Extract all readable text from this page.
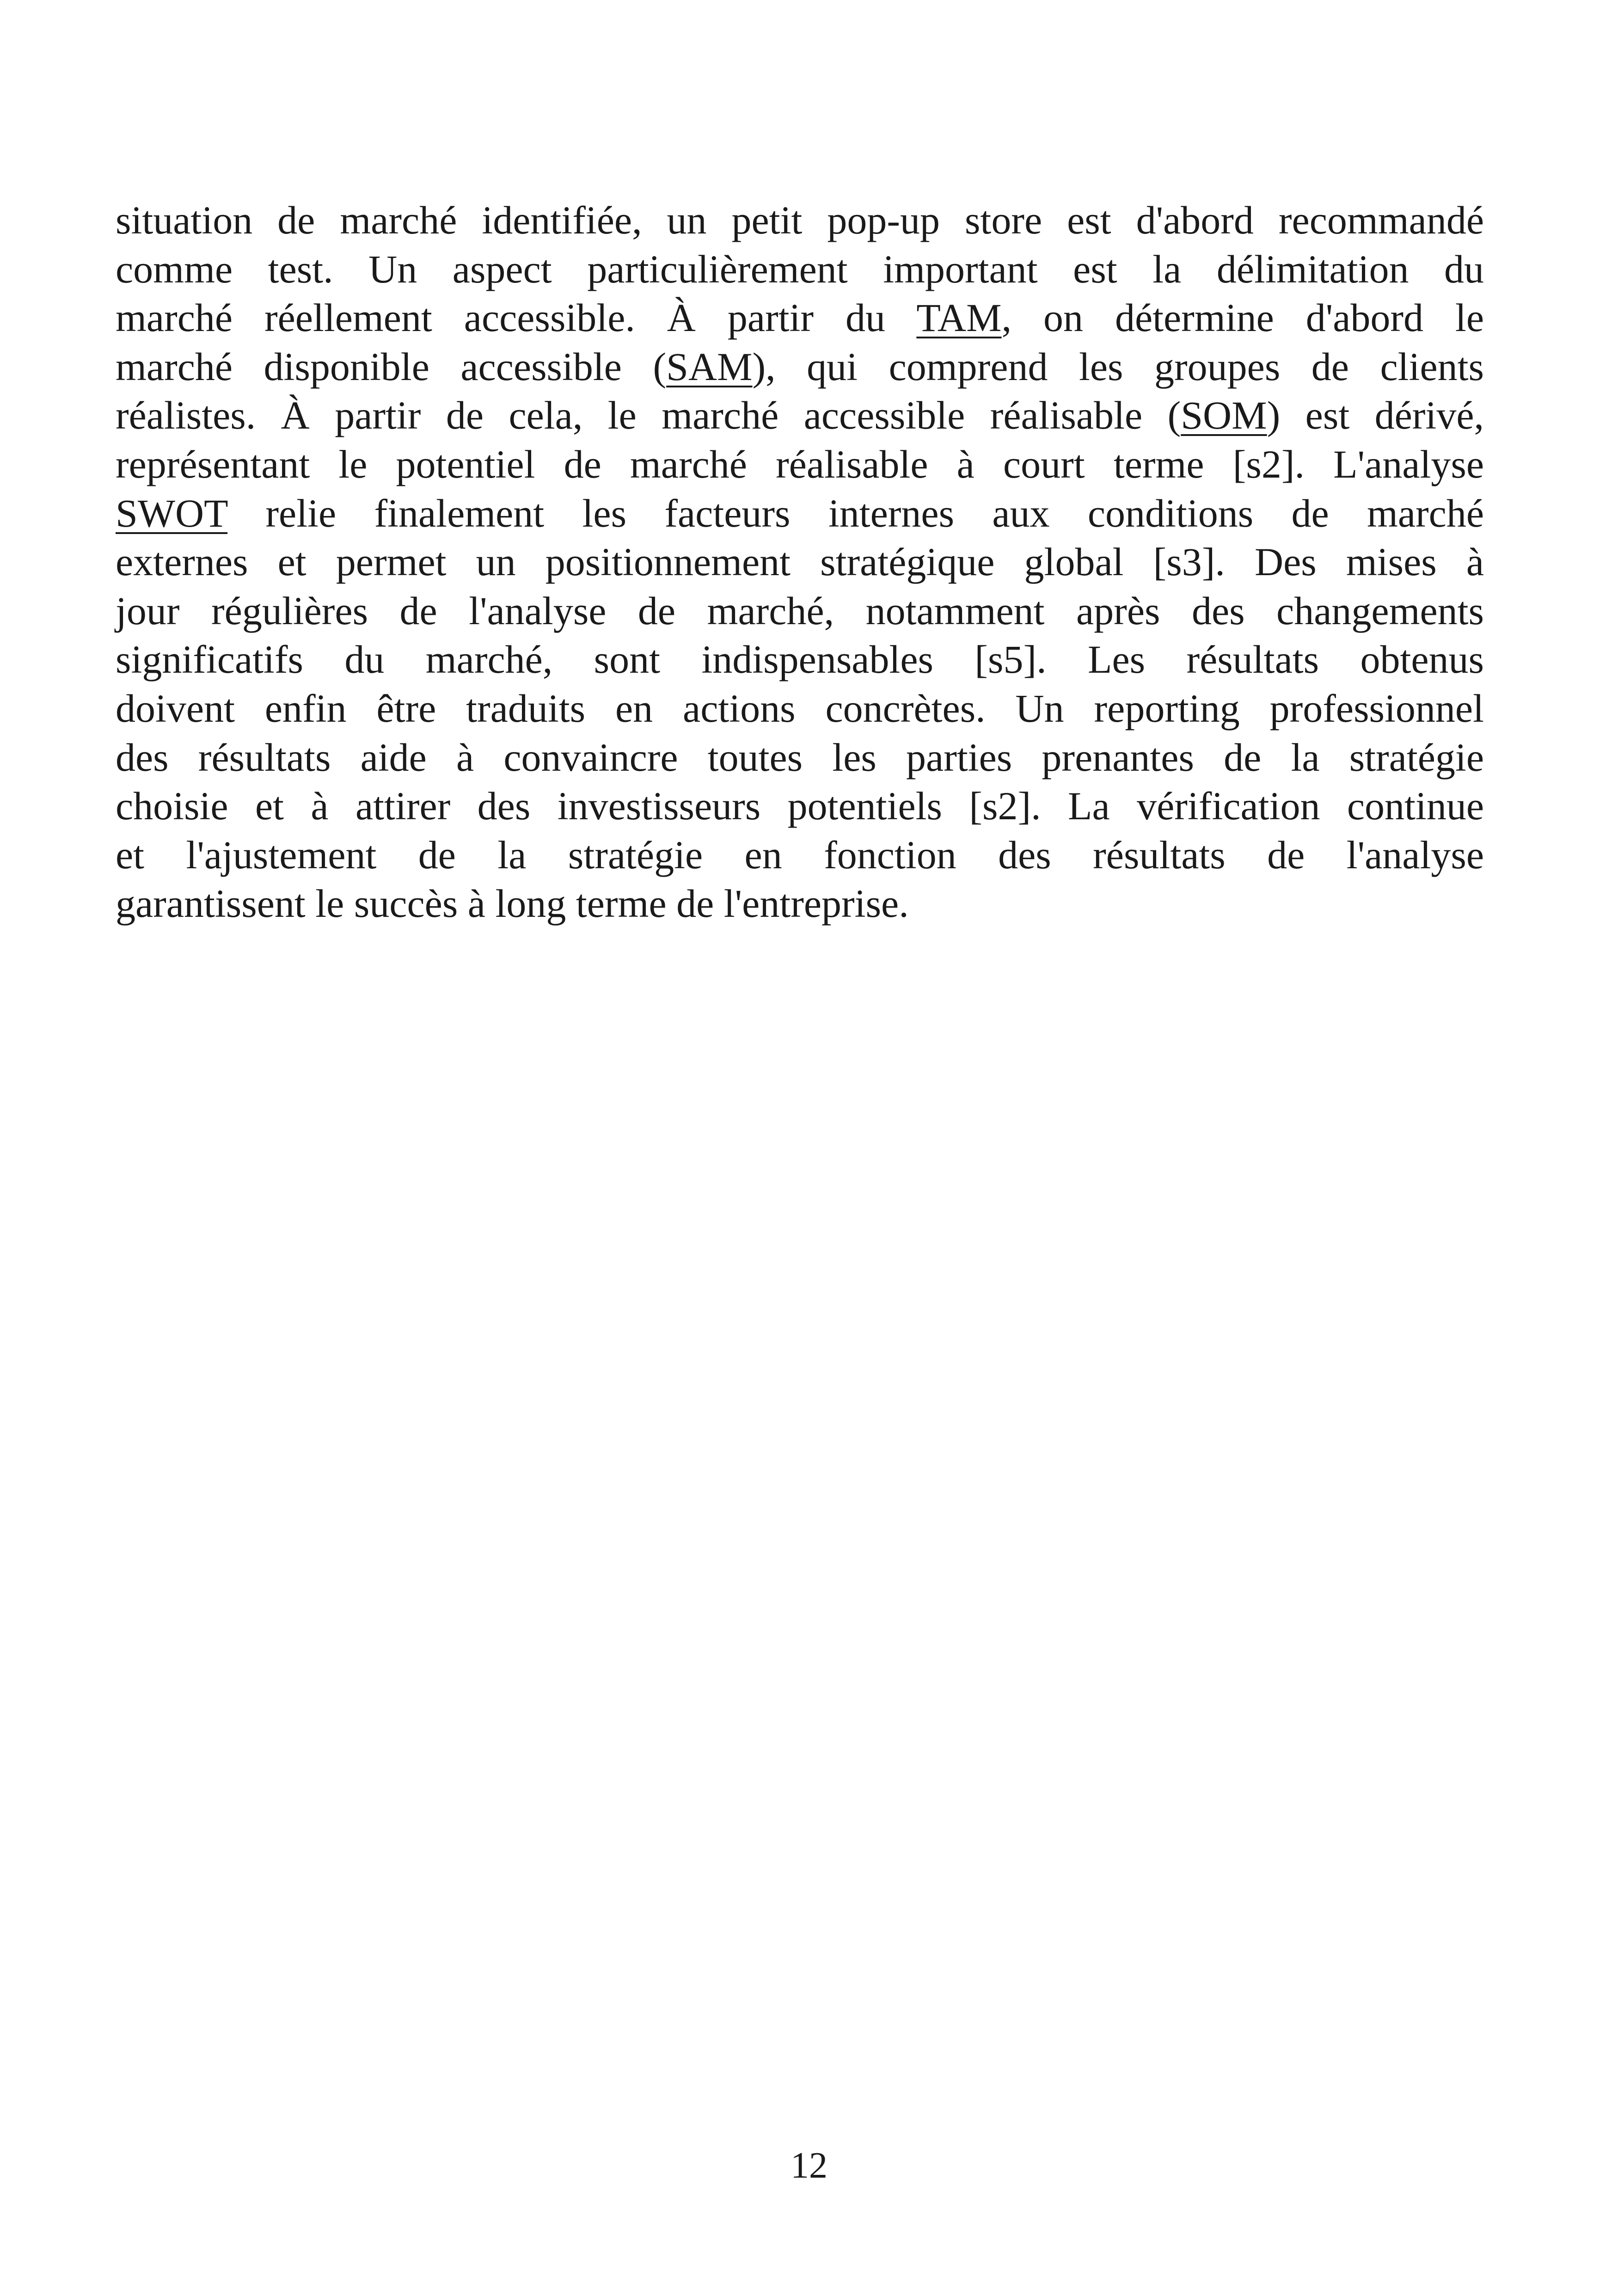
situation de marché identifiée, un petit pop-up store est d'abord recommandé
comme test. Un aspect particulièrement important est la délimitation du
marché réellement accessible. À partir du TAM, on détermine d'abord le
marché disponible accessible (SAM), qui comprend les groupes de clients
réalistes. À partir de cela, le marché accessible réalisable (SOM) est dérivé,
représentant le potentiel de marché réalisable à court terme [s2]. L'analyse
SWOT relie finalement les facteurs internes aux conditions de marché
externes et permet un positionnement stratégique global [s3]. Des mises à
jour régulières de l'analyse de marché, notamment après des changements
significatifs du marché, sont indispensables [s5]. Les résultats obtenus
doivent enfin être traduits en actions concrètes. Un reporting professionnel
des résultats aide à convaincre toutes les parties prenantes de la stratégie
choisie et à attirer des investisseurs potentiels [s2]. La vérification continue
et l'ajustement de la stratégie en fonction des résultats de l'analyse
garantissent le succès à long terme de l'entreprise.

12
